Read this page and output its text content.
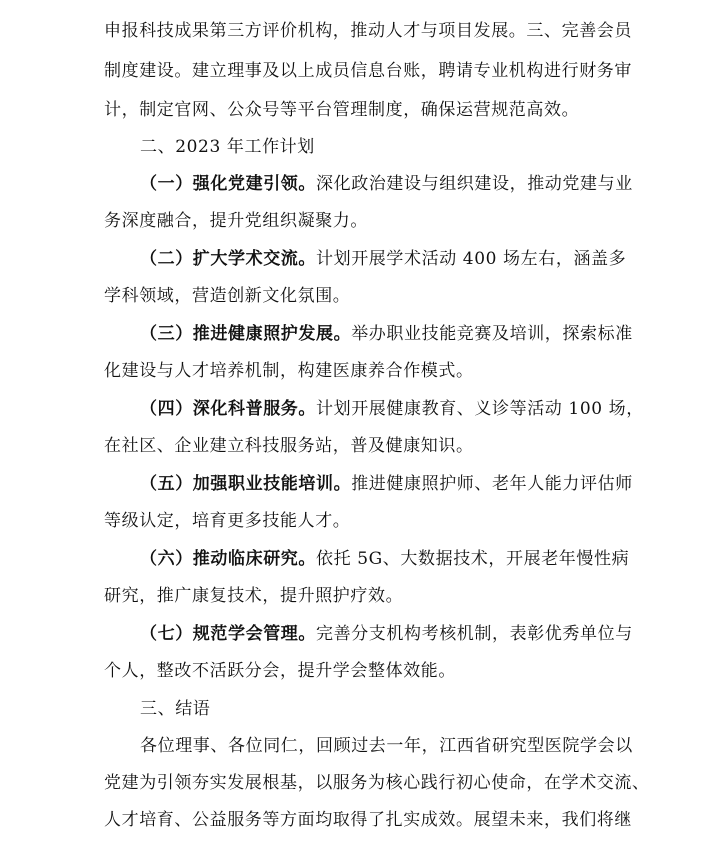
申报科技成果第三方评价机构，推动人才与项目发展。三、完善会员
制度建设。建立理事及以上成员信息台账，聘请专业机构进行财务审
计，制定官网、公众号等平台管理制度，确保运营规范高效。
二、2023 年工作计划
（一）强化党建引领。深化政治建设与组织建设，推动党建与业
务深度融合，提升党组织凝聚力。
（二）扩大学术交流。计划开展学术活动 400 场左右，涵盖多
学科领域，营造创新文化氛围。
（三）推进健康照护发展。举办职业技能竞赛及培训，探索标准
化建设与人才培养机制，构建医康养合作模式。
（四）深化科普服务。计划开展健康教育、义诊等活动 100 场，
在社区、企业建立科技服务站，普及健康知识。
（五）加强职业技能培训。推进健康照护师、老年人能力评估师
等级认定，培育更多技能人才。
（六）推动临床研究。依托 5G、大数据技术，开展老年慢性病
研究，推广康复技术，提升照护疗效。
（七）规范学会管理。完善分支机构考核机制，表彰优秀单位与
个人，整改不活跃分会，提升学会整体效能。
三、结语
各位理事、各位同仁，回顾过去一年，江西省研究型医院学会以
党建为引领夯实发展根基，以服务为核心践行初心使命，在学术交流、
人才培育、公益服务等方面均取得了扎实成效。展望未来，我们将继
